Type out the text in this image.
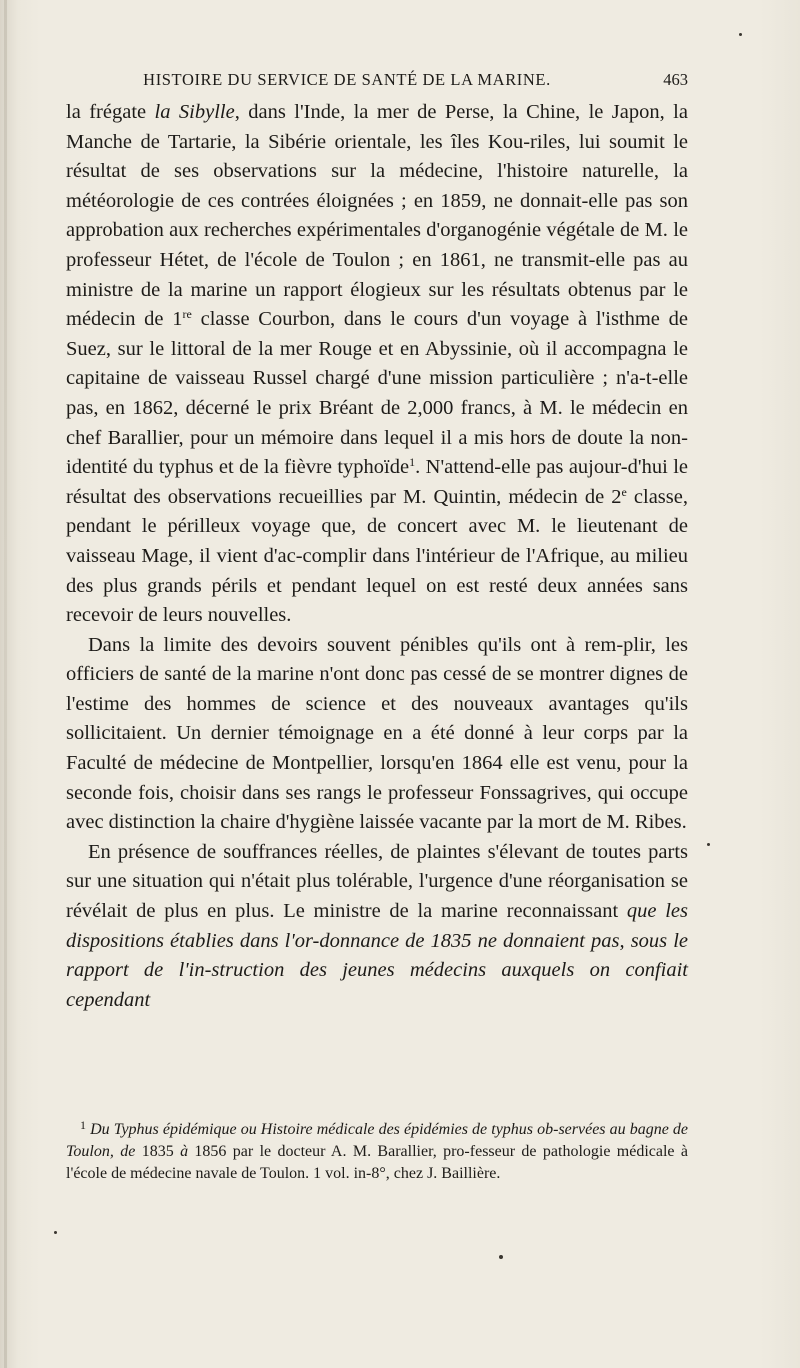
HISTOIRE DU SERVICE DE SANTÉ DE LA MARINE.	463

la frégate la Sibylle, dans l'Inde, la mer de Perse, la Chine, le Japon, la Manche de Tartarie, la Sibérie orientale, les îles Kou-riles, lui soumit le résultat de ses observations sur la médecine, l'histoire naturelle, la météorologie de ces contrées éloignées ; en 1859, ne donnait-elle pas son approbation aux recherches expérimentales d'organogénie végétale de M. le professeur Hétet, de l'école de Toulon ; en 1861, ne transmit-elle pas au ministre de la marine un rapport élogieux sur les résultats obtenus par le médecin de 1re classe Courbon, dans le cours d'un voyage à l'isthme de Suez, sur le littoral de la mer Rouge et en Abyssinie, où il accompagna le capitaine de vaisseau Russel chargé d'une mission particulière ; n'a-t-elle pas, en 1862, décerné le prix Bréant de 2,000 francs, à M. le médecin en chef Barallier, pour un mémoire dans lequel il a mis hors de doute la non-identité du typhus et de la fièvre typhoïde$^1$. N'attend-elle pas aujour-d'hui le résultat des observations recueillies par M. Quintin, médecin de 2e classe, pendant le périlleux voyage que, de concert avec M. le lieutenant de vaisseau Mage, il vient d'ac-complir dans l'intérieur de l'Afrique, au milieu des plus grands périls et pendant lequel on est resté deux années sans recevoir de leurs nouvelles.

Dans la limite des devoirs souvent pénibles qu'ils ont à rem-plir, les officiers de santé de la marine n'ont donc pas cessé de se montrer dignes de l'estime des hommes de science et des nouveaux avantages qu'ils sollicitaient. Un dernier témoignage en a été donné à leur corps par la Faculté de médecine de Montpellier, lorsqu'en 1864 elle est venu, pour la seconde fois, choisir dans ses rangs le professeur Fonssagrives, qui occupe avec distinction la chaire d'hygiène laissée vacante par la mort de M. Ribes.

En présence de souffrances réelles, de plaintes s'élevant de toutes parts sur une situation qui n'était plus tolérable, l'urgence d'une réorganisation se révélait de plus en plus. Le ministre de la marine reconnaissant que les dispositions établies dans l'or-donnance de 1835 ne donnaient pas, sous le rapport de l'in-struction des jeunes médecins auxquels on confiait cependant

$^1$ Du Typhus épidémique ou Histoire médicale des épidémies de typhus ob-servées au bagne de Toulon, de 1835 à 1856 par le docteur A. M. Barallier, pro-fesseur de pathologie médicale à l'école de médecine navale de Toulon. 1 vol. in-8°, chez J. Baillière.
